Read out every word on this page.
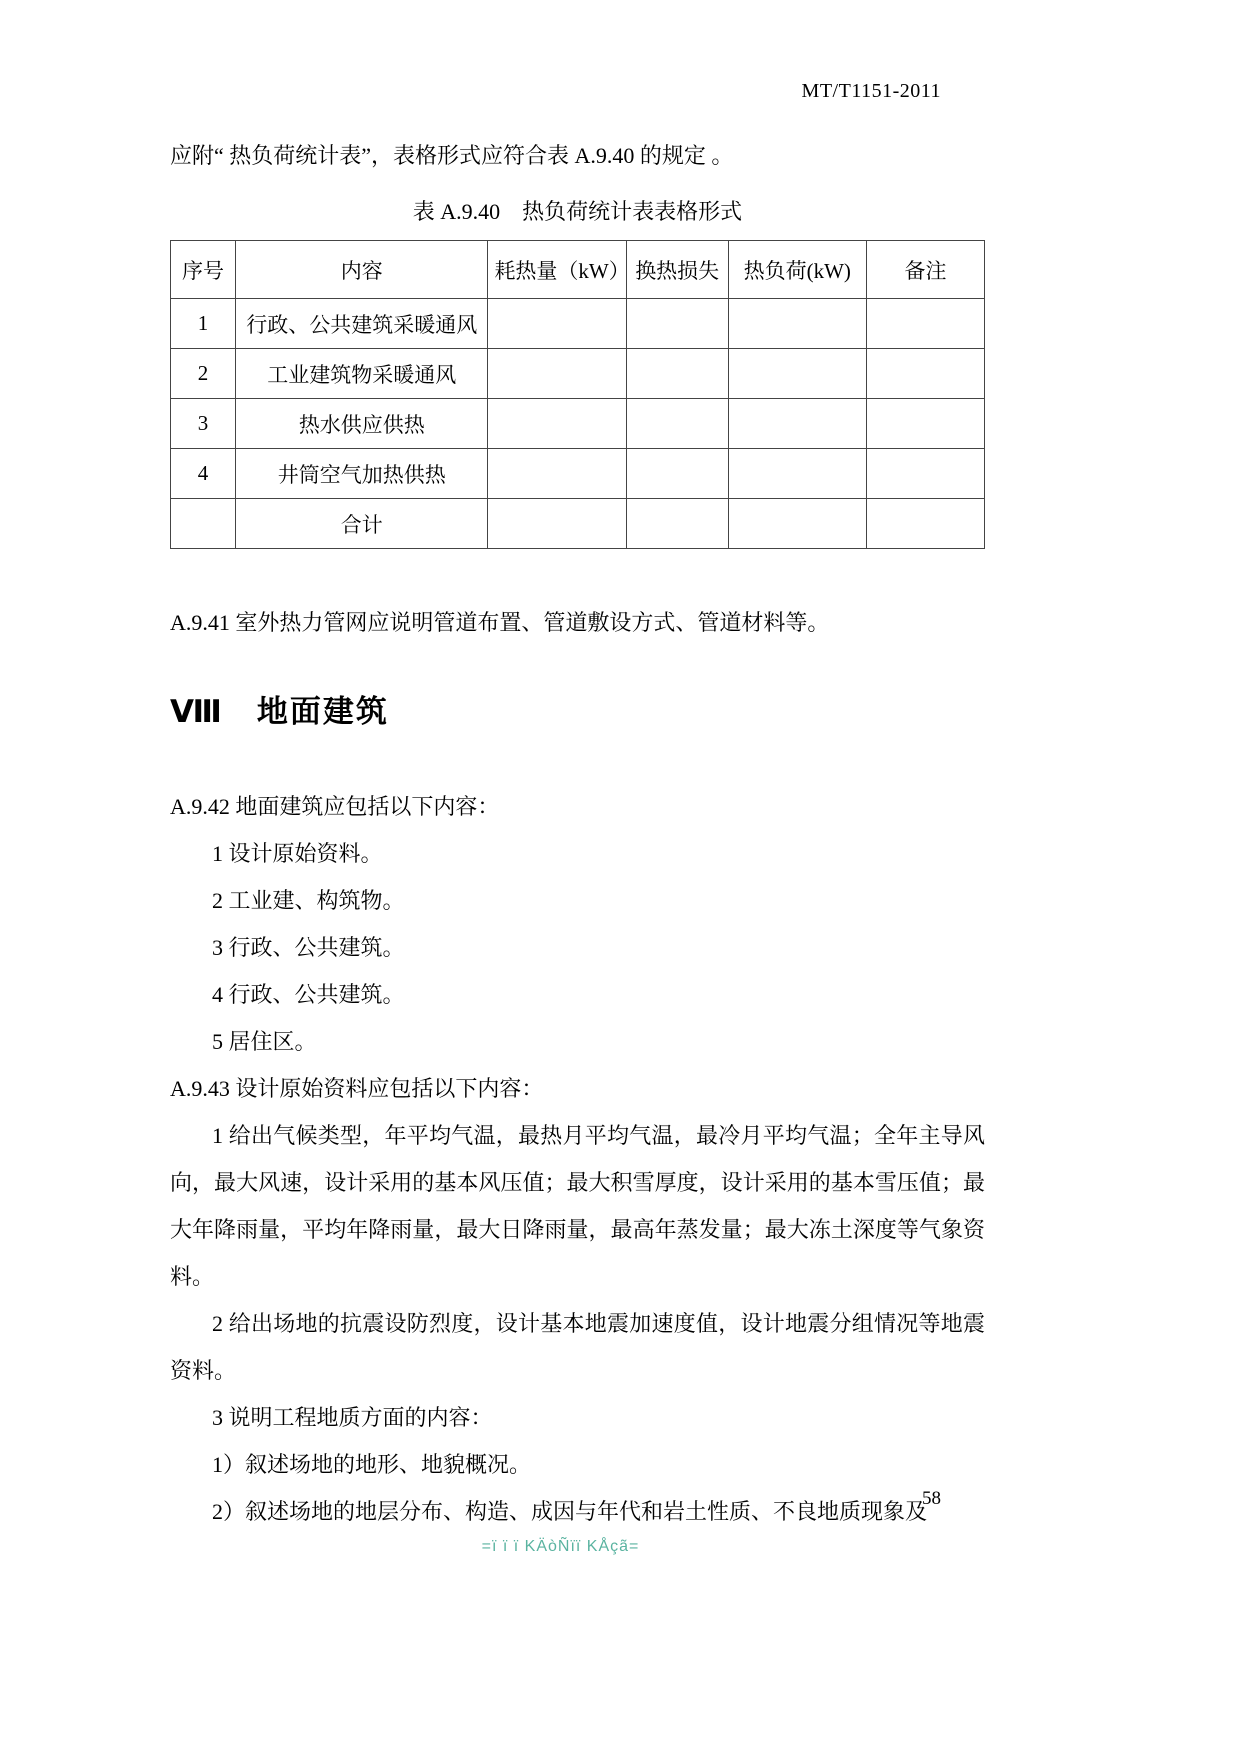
MT/T1151-2011

应附“ 热负荷统计表”，表格形式应符合表 A.9.40 的规定 。

表 A.9.40　热负荷统计表表格形式
序号	内容	耗热量（kW）	换热损失	热负荷(kW)	备注
1	行政、公共建筑采暖通风				
2	工业建筑物采暖通风				
3	热水供应供热				
4	井筒空气加热供热				
	合计				

A.9.41 室外热力管网应说明管道布置、管道敷设方式、管道材料等。

Ⅷ　地面建筑

A.9.42 地面建筑应包括以下内容：

1 设计原始资料。

2 工业建、构筑物。

3 行政、公共建筑。

4 行政、公共建筑。

5 居住区。

A.9.43 设计原始资料应包括以下内容：

1 给出气候类型，年平均气温，最热月平均气温，最冷月平均气温；全年主导风向，最大风速，设计采用的基本风压值；最大积雪厚度，设计采用的基本雪压值；最大年降雨量，平均年降雨量，最大日降雨量，最高年蒸发量；最大冻土深度等气象资料。

2 给出场地的抗震设防烈度，设计基本地震加速度值，设计地震分组情况等地震资料。

3 说明工程地质方面的内容：

1）叙述场地的地形、地貌概况。

2）叙述场地的地层分布、构造、成因与年代和岩土性质、不良地质现象及

58
=ï ï ï KÄòÑïï KÅçã=
